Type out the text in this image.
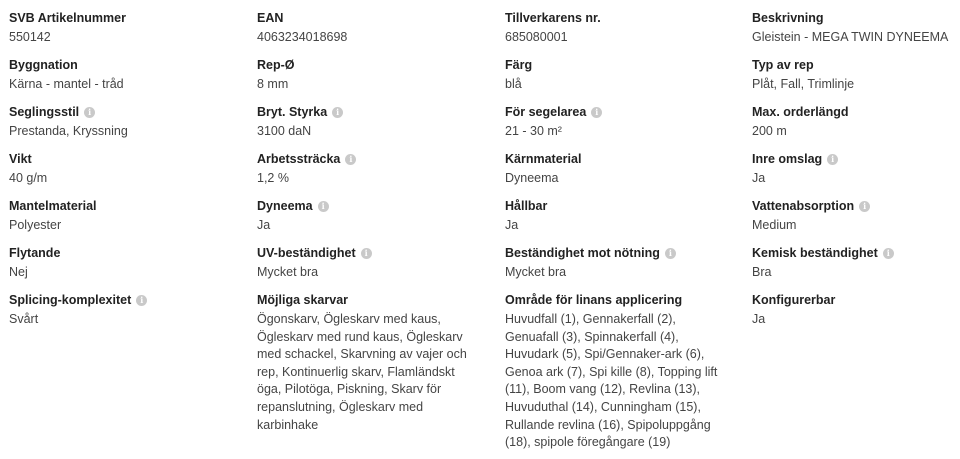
SVB Artikelnummer
550142
EAN
4063234018698
Tillverkarens nr.
685080001
Beskrivning
Gleistein - MEGA TWIN DYNEEMA
Byggnation
Kärna - mantel - tråd
Rep-Ø
8 mm
Färg
blå
Typ av rep
Plåt, Fall, Trimlinje
Seglingsstil	i
Prestanda, Kryssning
Bryt. Styrka	i
3100 daN
För segelarea	i
21 - 30 m²
Max. orderlängd
200 m
Vikt
40 g/m
Arbetssträcka	i
1,2 %
Kärnmaterial
Dyneema
Inre omslag	i
Ja
Mantelmaterial
Polyester
Dyneema	i
Ja
Hållbar
Ja
Vattenabsorption	i
Medium
Flytande
Nej
UV-beständighet	i
Mycket bra
Beständighet mot nötning	i
Mycket bra
Kemisk beständighet	i
Bra
Splicing-komplexitet	i
Svårt
Möjliga skarvar
Ögonskarv, Ögleskarv med kaus, Ögleskarv med rund kaus, Ögleskarv med schackel, Skarvning av vajer och rep, Kontinuerlig skarv, Flamländskt öga, Pilotöga, Piskning, Skarv för repanslutning, Ögleskarv med karbinhake
Område för linans applicering
Huvudfall (1), Gennakerfall (2), Genuafall (3), Spinnakerfall (4), Huvudark (5), Spi/Gennaker-ark (6), Genoa ark (7), Spi kille (8), Topping lift (11), Boom vang (12), Revlina (13), Huvuduthal (14), Cunningham (15), Rullande revlina (16), Spipoluppgång (18), spipole föregångare (19)
Konfigurerbar
Ja
